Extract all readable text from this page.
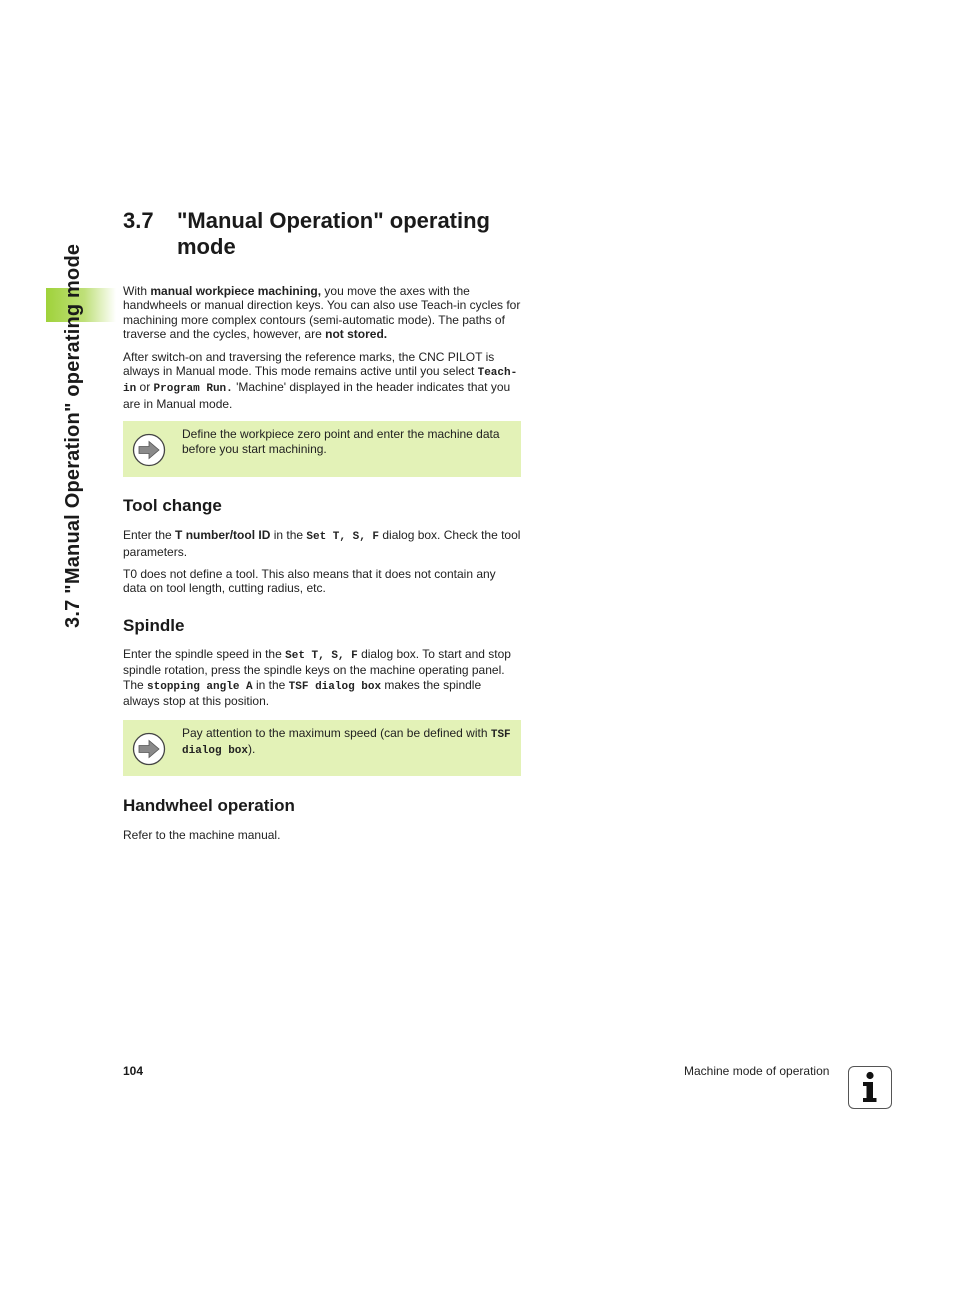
3.7 "Manual Operation" operating mode
3.7	"Manual Operation" operating mode

With manual workpiece machining, you move the axes with the handwheels or manual direction keys. You can also use Teach-in cycles for machining more complex contours (semi-automatic mode). The paths of traverse and the cycles, however, are not stored.

After switch-on and traversing the reference marks, the CNC PILOT is always in Manual mode. This mode remains active until you select Teach-in or Program Run. 'Machine' displayed in the header indicates that you are in Manual mode.

Define the workpiece zero point and enter the machine data before you start machining.

Tool change

Enter the T number/tool ID in the Set T, S, F dialog box. Check the tool parameters.

T0 does not define a tool. This also means that it does not contain any data on tool length, cutting radius, etc.

Spindle

Enter the spindle speed in the Set T, S, F dialog box. To start and stop spindle rotation, press the spindle keys on the machine operating panel. The stopping angle A in the TSF dialog box makes the spindle always stop at this position.

Pay attention to the maximum speed (can be defined with TSF dialog box).

Handwheel operation

Refer to the machine manual.

104	Machine mode of operation
